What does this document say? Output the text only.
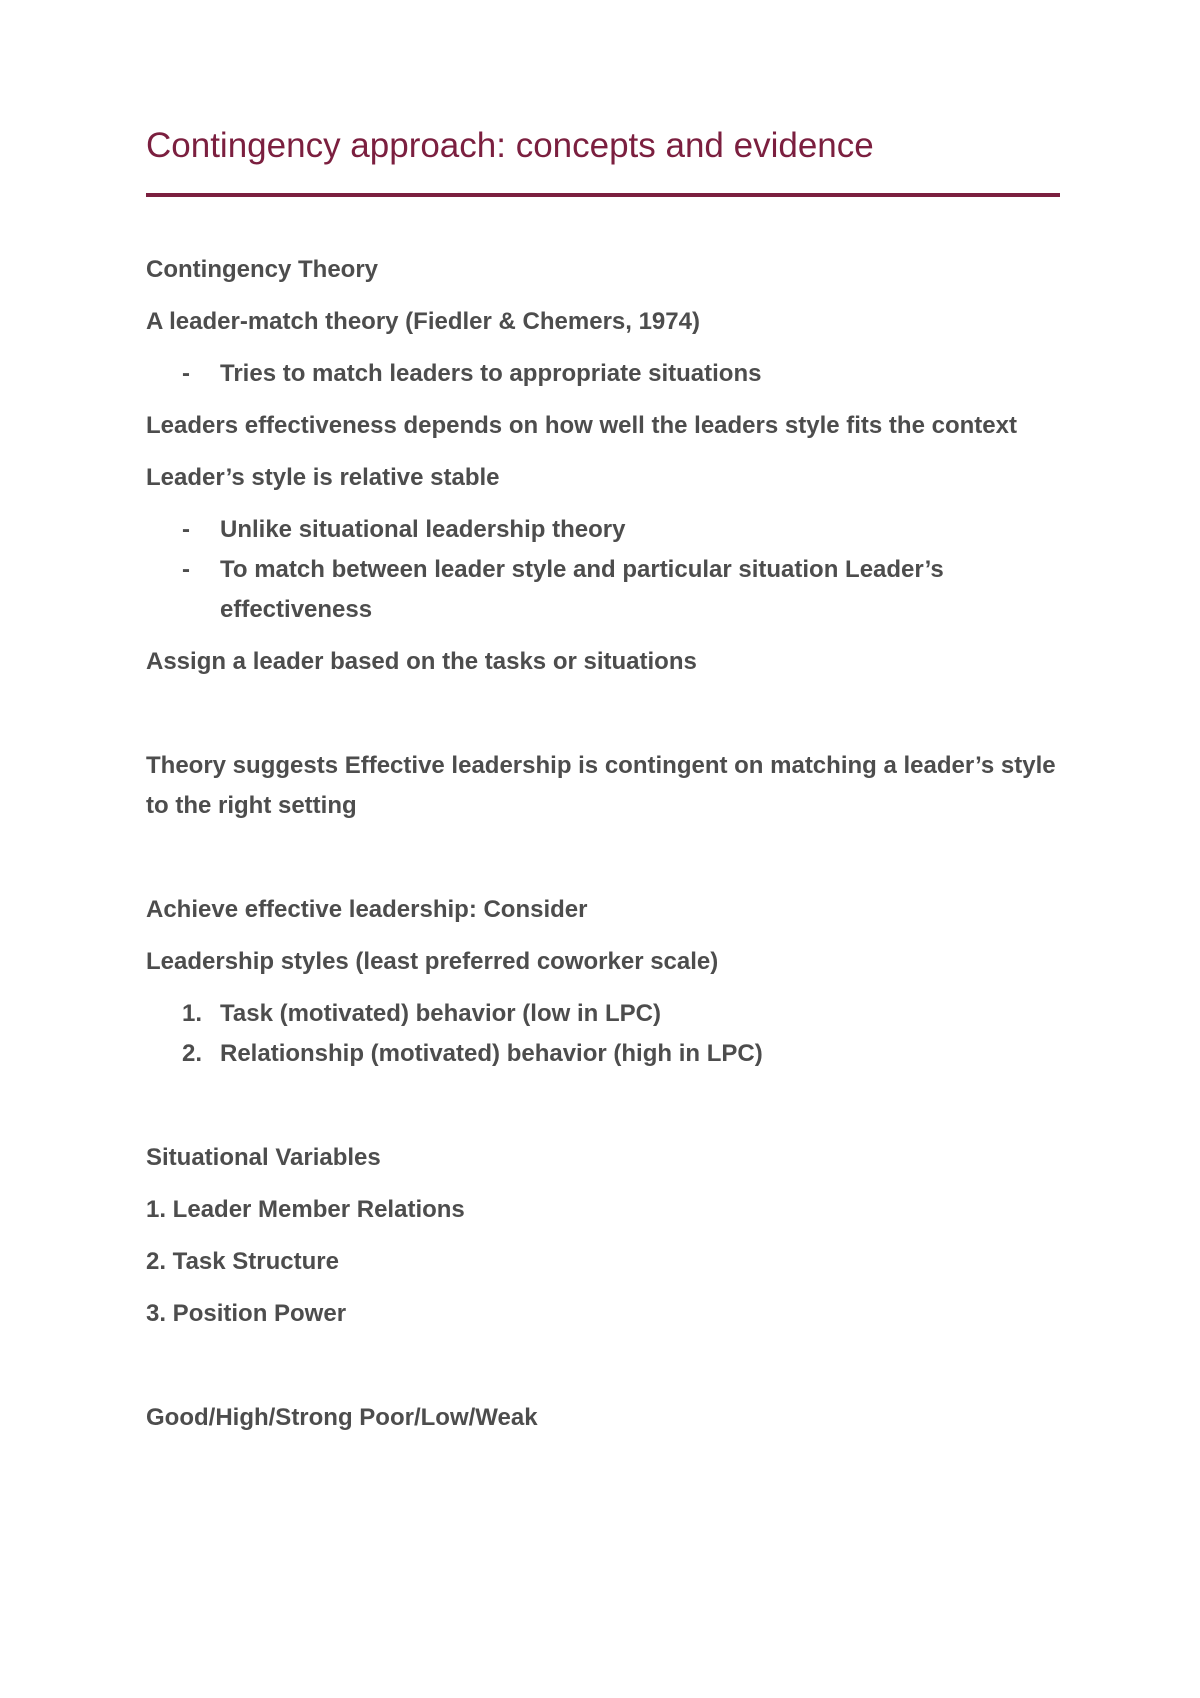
Contingency approach: concepts and evidence

Contingency Theory

A leader-match theory (Fiedler & Chemers, 1974)

-	Tries to match leaders to appropriate situations

Leaders effectiveness depends on how well the leaders style fits the context

Leader’s style is relative stable

-	Unlike situational leadership theory
-	To match between leader style and particular situation Leader’s effectiveness

Assign a leader based on the tasks or situations

Theory suggests Effective leadership is contingent on matching a leader’s style to the right setting

Achieve effective leadership: Consider

Leadership styles (least preferred coworker scale)

1. Task (motivated) behavior (low in LPC)
2. Relationship (motivated) behavior (high in LPC)

Situational Variables

1. Leader Member Relations

2. Task Structure

3. Position Power

Good/High/Strong Poor/Low/Weak
